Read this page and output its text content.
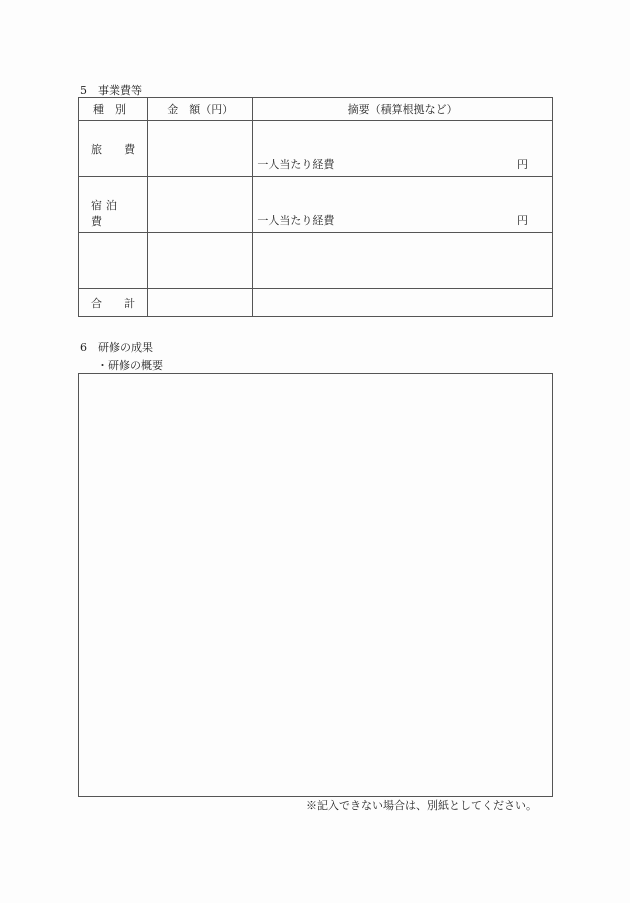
5　事業費等
種　別	金　額（円）	摘要（積算根拠など）

旅 費		一人当たり経費 円

宿泊費		一人当たり経費 円

合 計		

6　研修の成果
・研修の概要
※記入できない場合は、別紙としてください。
